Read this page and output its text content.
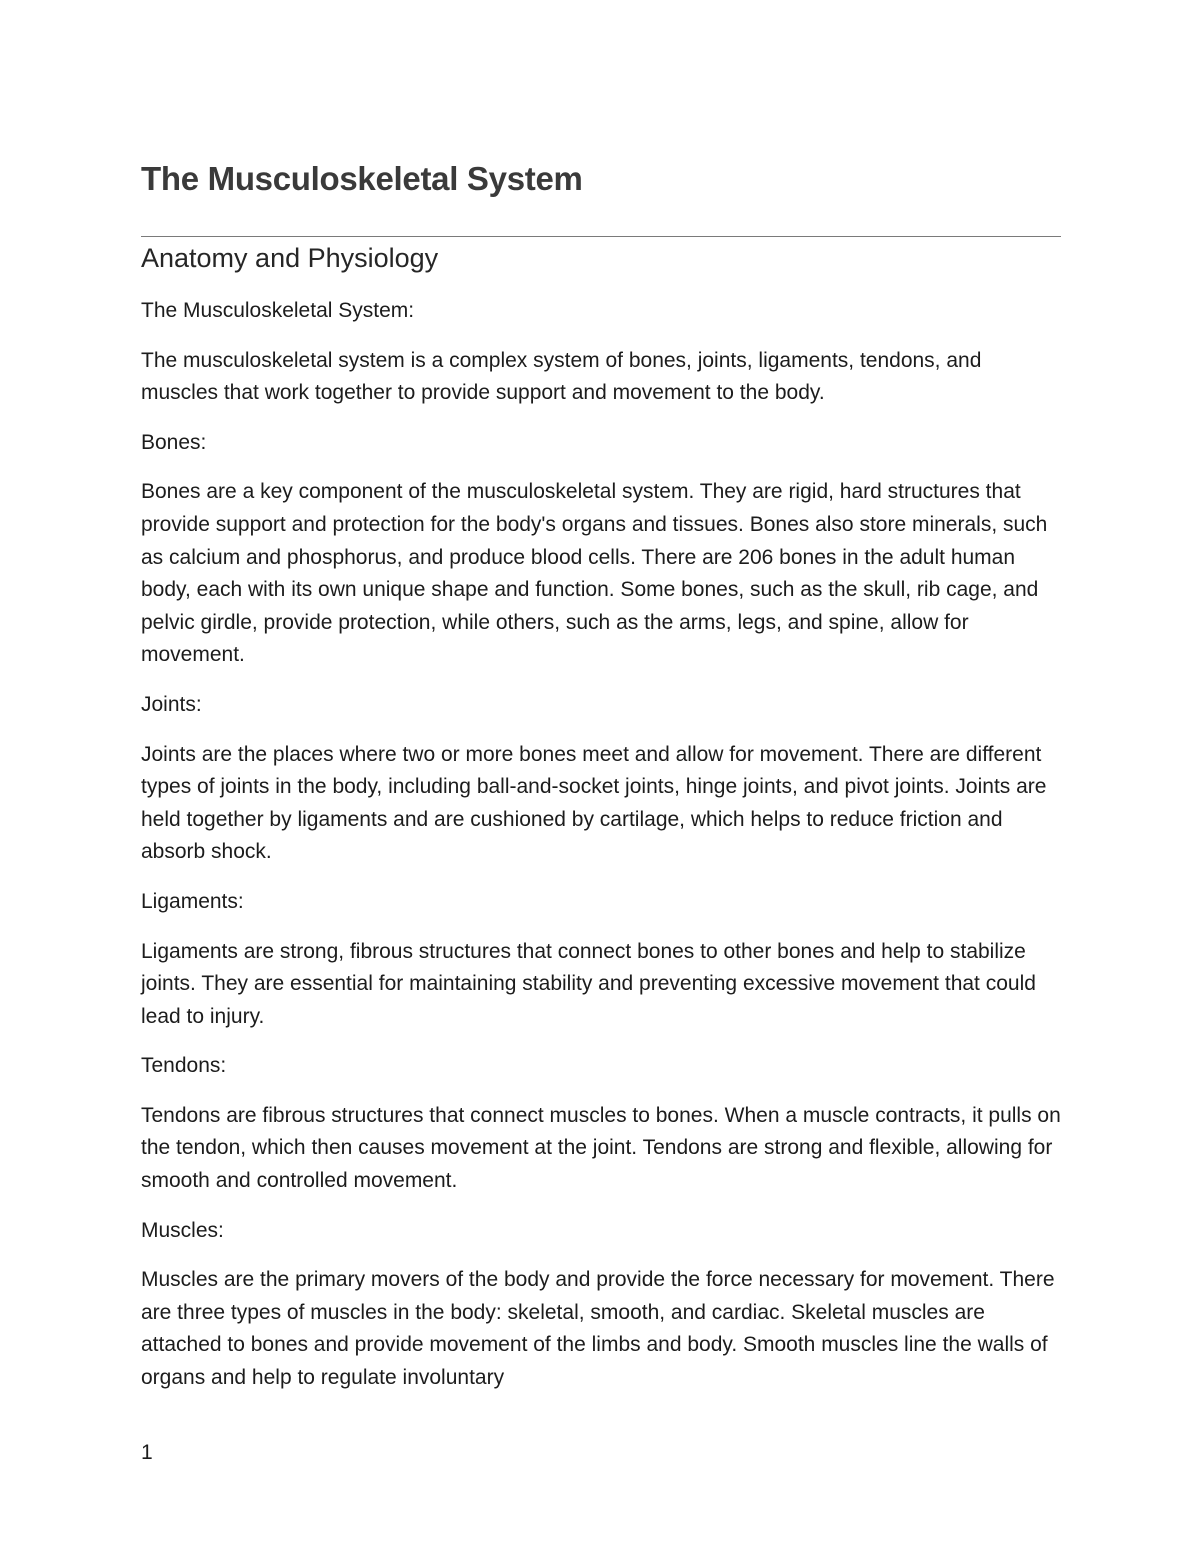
The Musculoskeletal System
Anatomy and Physiology

The Musculoskeletal System:

The musculoskeletal system is a complex system of bones, joints, ligaments, tendons, and muscles that work together to provide support and movement to the body.

Bones:

Bones are a key component of the musculoskeletal system. They are rigid, hard structures that provide support and protection for the body's organs and tissues. Bones also store minerals, such as calcium and phosphorus, and produce blood cells. There are 206 bones in the adult human body, each with its own unique shape and function. Some bones, such as the skull, rib cage, and pelvic girdle, provide protection, while others, such as the arms, legs, and spine, allow for movement.

Joints:

Joints are the places where two or more bones meet and allow for movement. There are different types of joints in the body, including ball-and-socket joints, hinge joints, and pivot joints. Joints are held together by ligaments and are cushioned by cartilage, which helps to reduce friction and absorb shock.

Ligaments:

Ligaments are strong, fibrous structures that connect bones to other bones and help to stabilize joints. They are essential for maintaining stability and preventing excessive movement that could lead to injury.

Tendons:

Tendons are fibrous structures that connect muscles to bones. When a muscle contracts, it pulls on the tendon, which then causes movement at the joint. Tendons are strong and flexible, allowing for smooth and controlled movement.

Muscles:

Muscles are the primary movers of the body and provide the force necessary for movement. There are three types of muscles in the body: skeletal, smooth, and cardiac. Skeletal muscles are attached to bones and provide movement of the limbs and body. Smooth muscles line the walls of organs and help to regulate involuntary

1
